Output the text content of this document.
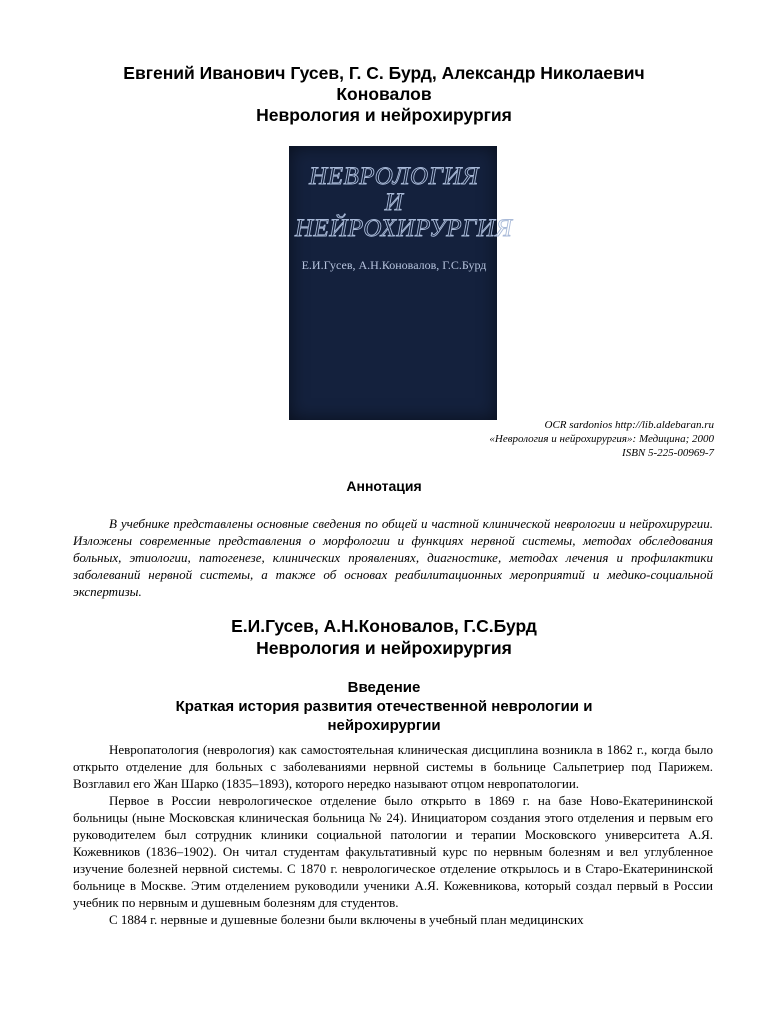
Евгений Иванович Гусев, Г. С. Бурд, Александр Николаевич
Коновалов
Неврология и нейрохирургия
НЕВРОЛОГИЯ
И НЕЙРОХИРУРГИЯ
Е.И.Гусев, А.Н.Коновалов, Г.С.Бурд
OCR sardonios http://lib.aldebaran.ru
«Неврология и нейрохирургия»: Медицина; 2000
ISBN 5-225-00969-7
Аннотация
В учебнике представлены основные сведения по общей и частной клинической неврологии и нейрохирургии. Изложены современные представления о морфологии и функциях нервной системы, методах обследования больных, этиологии, патогенезе, клинических проявлениях, диагностике, методах лечения и профилактики заболеваний нервной системы, а также об основах реабилитационных мероприятий и медико-социальной экспертизы.
Е.И.Гусев, А.Н.Коновалов, Г.С.Бурд
Неврология и нейрохирургия
Введение
Краткая история развития отечественной неврологии и
нейрохирургии

Невропатология (неврология) как самостоятельная клиническая дисциплина возникла в 1862 г., когда было открыто отделение для больных с заболеваниями нервной системы в больнице Сальпетриер под Парижем. Возглавил его Жан Шарко (1835–1893), которого нередко называют отцом невропатологии.

Первое в России неврологическое отделение было открыто в 1869 г. на базе Ново-Екатерининской больницы (ныне Московская клиническая больница № 24). Инициатором создания этого отделения и первым его руководителем был сотрудник клиники социальной патологии и терапии Московского университета А.Я. Кожевников (1836–1902). Он читал студентам факультативный курс по нервным болезням и вел углубленное изучение болезней нервной системы. С 1870 г. неврологическое отделение открылось и в Старо-Екатерининской больнице в Москве. Этим отделением руководили ученики А.Я. Кожевникова, который создал первый в России учебник по нервным и душевным болезням для студентов.

С 1884 г. нервные и душевные болезни были включены в учебный план медицинских
